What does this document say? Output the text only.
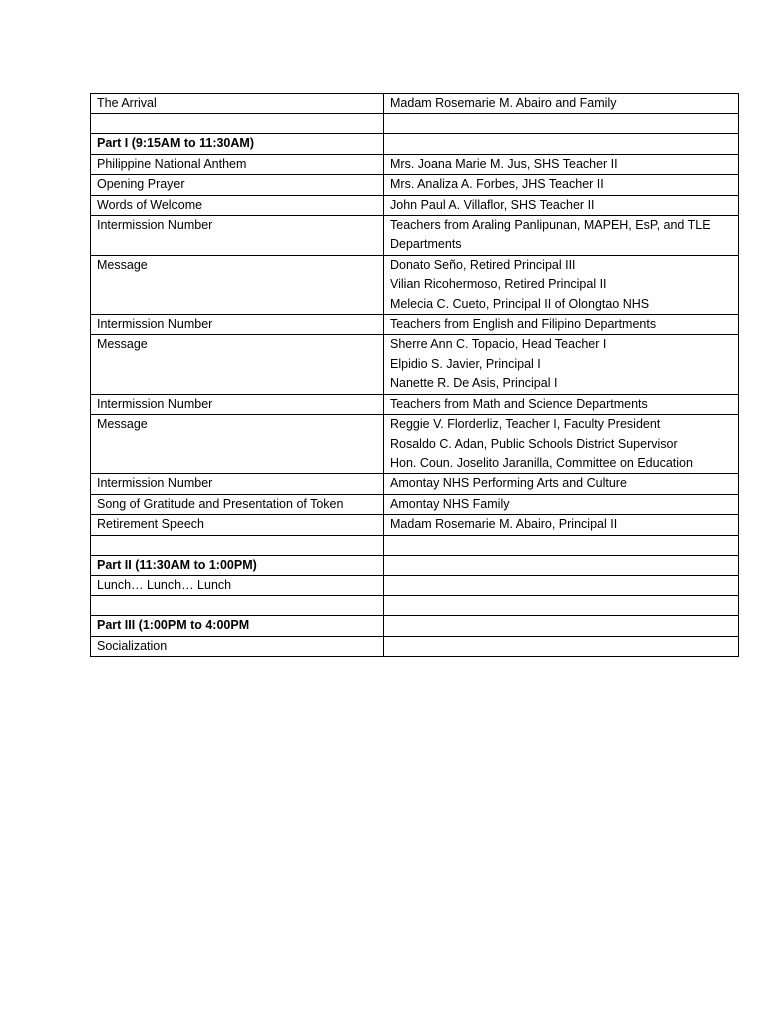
The Arrival	Madam Rosemarie M. Abairo and Family

Part I (9:15AM to 11:30AM)	

Philippine National Anthem	Mrs. Joana Marie M. Jus, SHS Teacher II

Opening Prayer	Mrs. Analiza A. Forbes, JHS Teacher II

Words of Welcome	John Paul A. Villaflor, SHS Teacher II

Intermission Number	Teachers from Araling Panlipunan, MAPEH, EsP, and TLE
Departments

Message	Donato Seño, Retired Principal III
Vilian Ricohermoso, Retired Principal II
Melecia C. Cueto, Principal II of Olongtao NHS

Intermission Number	Teachers from English and Filipino Departments

Message	Sherre Ann C. Topacio, Head Teacher I
Elpidio S. Javier, Principal I
Nanette R. De Asis, Principal I

Intermission Number	Teachers from Math and Science Departments

Message	Reggie V. Florderliz, Teacher I, Faculty President
Rosaldo C. Adan, Public Schools District Supervisor
Hon. Coun. Joselito Jaranilla, Committee on Education

Intermission Number	Amontay NHS Performing Arts and Culture

Song of Gratitude and Presentation of Token	Amontay NHS Family

Retirement Speech	Madam Rosemarie M. Abairo, Principal II

Part II (11:30AM to 1:00PM)	

Lunch… Lunch… Lunch	

Part III (1:00PM to 4:00PM	

Socialization	
